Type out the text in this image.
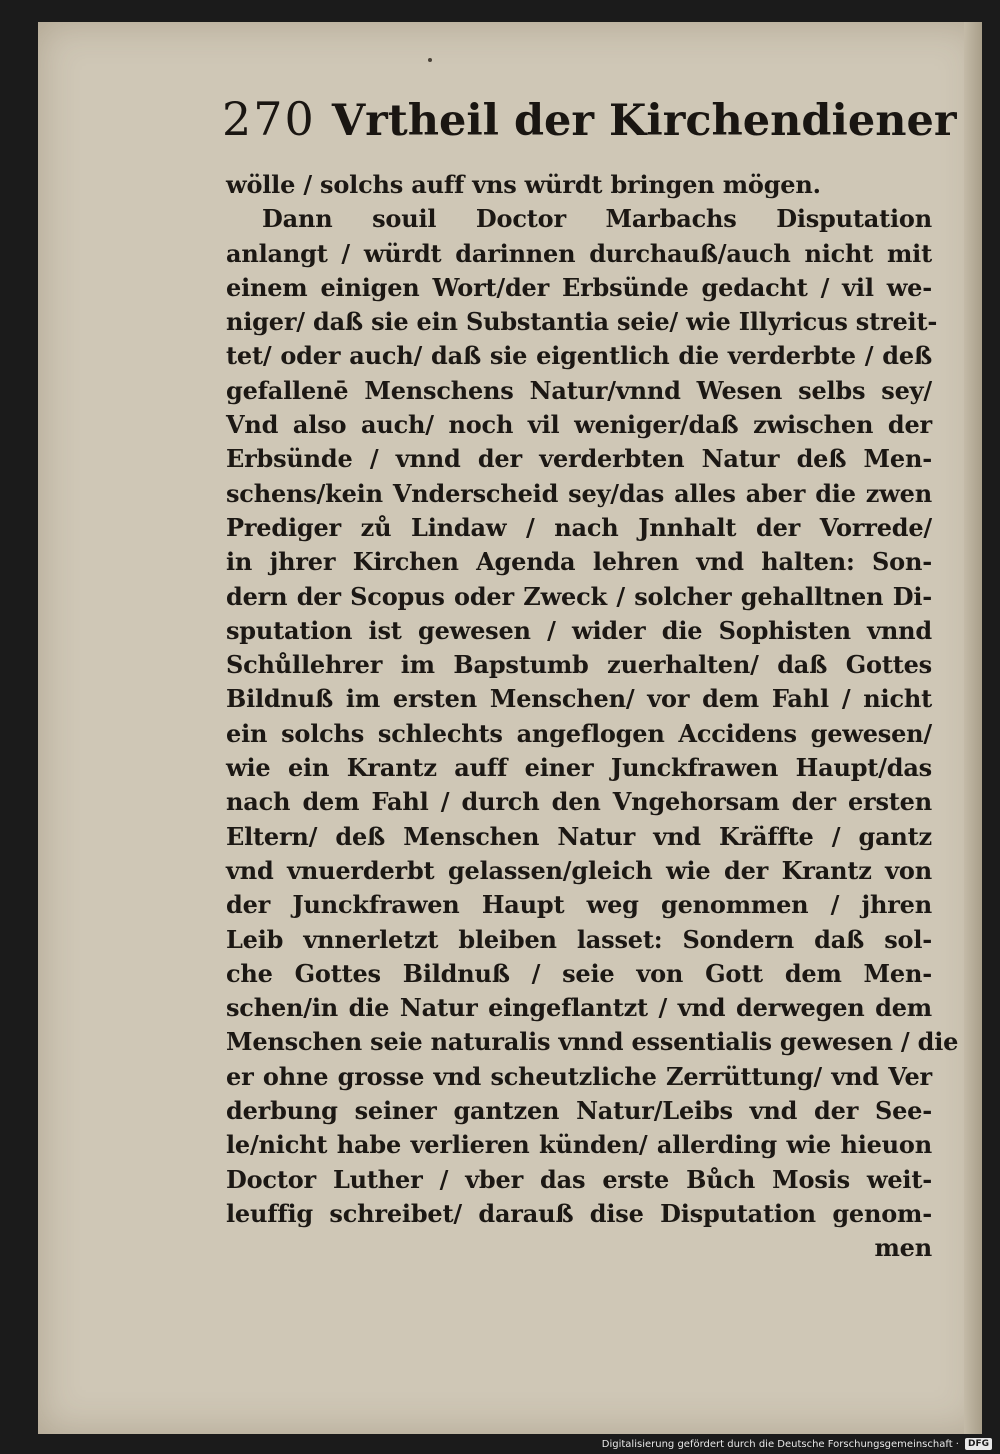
270 Vrtheil der Kirchendiener
wölle / solchs auff vns würdt bringen mögen.
Dann souil Doctor Marbachs Disputation
anlangt / würdt darinnen durchauß/auch nicht mit
einem einigen Wort/der Erbsünde gedacht / vil we-
niger/ daß sie ein Substantia seie/ wie Illyricus streit-
tet/ oder auch/ daß sie eigentlich die verderbte / deß
gefallenē Menschens Natur/vnnd Wesen selbs sey/
Vnd also auch/ noch vil weniger/daß zwischen der
Erbsünde / vnnd der verderbten Natur deß Men-
schens/kein Vnderscheid sey/das alles aber die zwen
Prediger zů Lindaw / nach Jnnhalt der Vorrede/
in jhrer Kirchen Agenda lehren vnd halten: Son-
dern der Scopus oder Zweck / solcher gehalltnen Di-
sputation ist gewesen / wider die Sophisten vnnd
Schůllehrer im Bapstumb zuerhalten/ daß Gottes
Bildnuß im ersten Menschen/ vor dem Fahl / nicht
ein solchs schlechts angeflogen Accidens gewesen/
wie ein Krantz auff einer Junckfrawen Haupt/das
nach dem Fahl / durch den Vngehorsam der ersten
Eltern/ deß Menschen Natur vnd Kräffte / gantz
vnd vnuerderbt gelassen/gleich wie der Krantz von
der Junckfrawen Haupt weg genommen / jhren
Leib vnnerletzt bleiben lasset: Sondern daß sol-
che Gottes Bildnuß / seie von Gott dem Men-
schen/in die Natur eingeflantzt / vnd derwegen dem
Menschen seie naturalis vnnd essentialis gewesen / die
er ohne grosse vnd scheutzliche Zerrüttung/ vnd Ver
derbung seiner gantzen Natur/Leibs vnd der See-
le/nicht habe verlieren künden/ allerding wie hieuon
Doctor Luther / vber das erste Bůch Mosis weit-
leuffig schreibet/ darauß dise Disputation genom-
men
Digitalisierung gefördert durch die Deutsche Forschungsgemeinschaft ·	DFG
